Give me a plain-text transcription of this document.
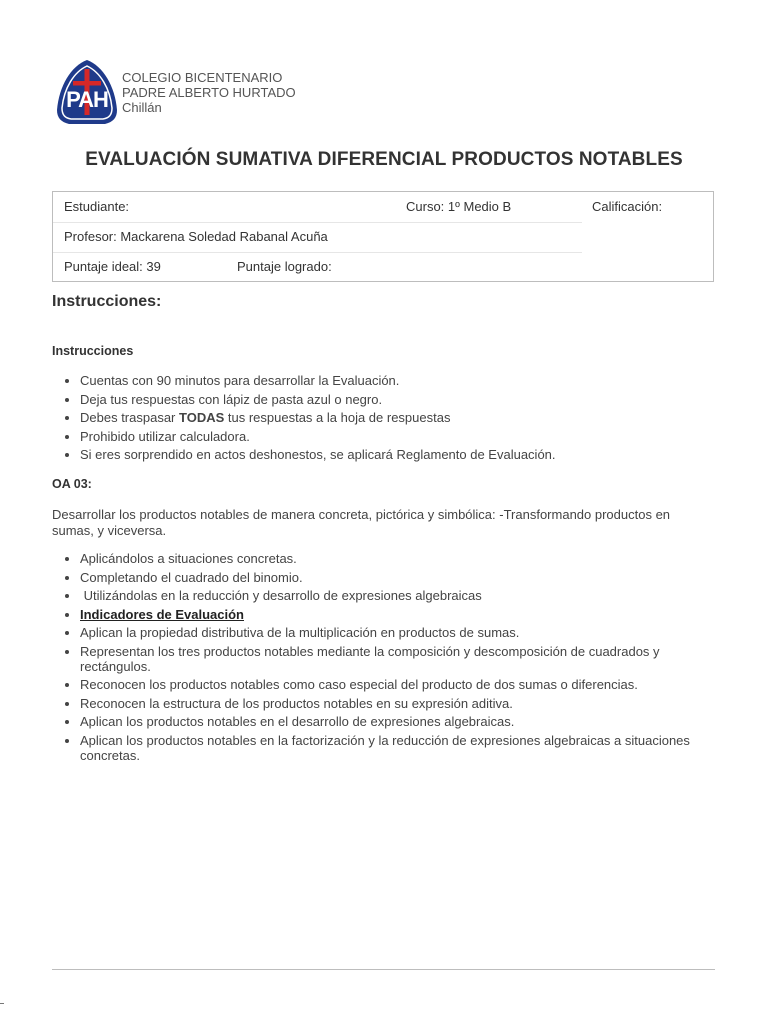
PAH
COLEGIO BICENTENARIO
PADRE ALBERTO HURTADO
Chillán
EVALUACIÓN SUMATIVA DIFERENCIAL PRODUCTOS NOTABLES
Estudiante:	Curso: 1º Medio B
Profesor: Mackarena Soledad Rabanal Acuña
Puntaje ideal: 39	Puntaje logrado:
Calificación:
Instrucciones:
Instrucciones
• Cuentas con 90 minutos para desarrollar la Evaluación.
• Deja tus respuestas con lápiz de pasta azul o negro.
• Debes traspasar TODAS tus respuestas a la hoja de respuestas
• Prohibido utilizar calculadora.
• Si eres sorprendido en actos deshonestos, se aplicará Reglamento de Evaluación.
OA 03:
Desarrollar los productos notables de manera concreta, pictórica y simbólica: -Transformando productos en sumas, y viceversa.
• Aplicándolos a situaciones concretas.
• Completando el cuadrado del binomio.
•  Utilizándolas en la reducción y desarrollo de expresiones algebraicas
• Indicadores de Evaluación
• Aplican la propiedad distributiva de la multiplicación en productos de sumas.
• Representan los tres productos notables mediante la composición y descomposición de cuadrados y rectángulos.
• Reconocen los productos notables como caso especial del producto de dos sumas o diferencias.
• Reconocen la estructura de los productos notables en su expresión aditiva.
• Aplican los productos notables en el desarrollo de expresiones algebraicas.
• Aplican los productos notables en la factorización y la reducción de expresiones algebraicas a situaciones concretas.
